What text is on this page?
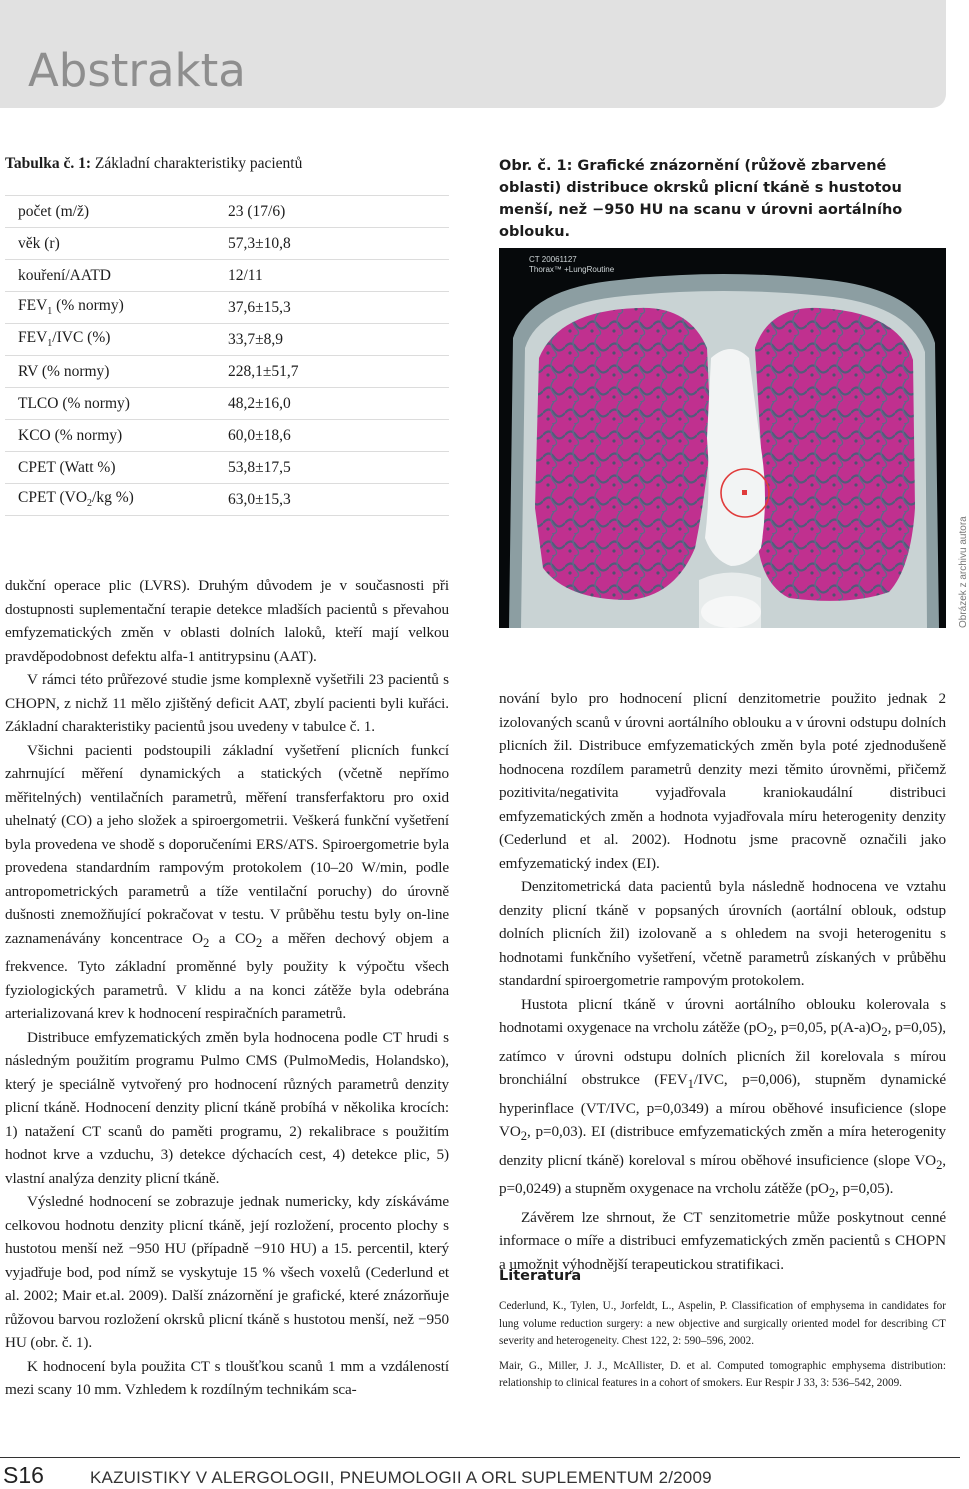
Abstrakta
Tabulka č. 1: Základní charakteristiky pacientů
počet (m/ž)	23 (17/6)
věk (r)	57,3±10,8
kouření/AATD	12/11
$FEV_1$ (% normy)	37,6±15,3
$FEV_1$/IVC (%)	33,7±8,9
RV (% normy)	228,1±51,7
TLCO (% normy)	48,2±16,0
KCO (% normy)	60,0±18,6
CPET (Watt %)	53,8±17,5
CPET ($VO_2/kg$ %)	63,0±15,3
Obr. č. 1: Grafické znázornění (růžově zbarvené oblasti) distribuce okrsků plicní tkáně s hustotou menší, než −950 HU na scanu v úrovni aortálního oblouku.
CT 20061127
Thorax™ +LungRoutine
Obrázek z archivu autora

dukční operace plic (LVRS). Druhým důvodem je v současnosti při dostupnosti suplementační terapie detekce mladších pacientů s převahou emfyzematických změn v oblasti dolních laloků, kteří mají velkou pravděpodobnost defektu alfa-1 antitrypsinu (AAT).

V rámci této průřezové studie jsme komplexně vyšetřili 23 pacientů s CHOPN, z nichž 11 mělo zjištěný deficit AAT, zbylí pacienti byli kuřáci. Základní charakteristiky pacientů jsou uvedeny v tabulce č. 1.

Všichni pacienti podstoupili základní vyšetření plicních funkcí zahrnující měření dynamických a statických (včetně nepřímo měřitelných) ventilačních parametrů, měření transferfaktoru pro oxid uhelnatý (CO) a jeho složek a spiroergometrii. Veškerá funkční vyšetření byla provedena ve shodě s doporučeními ERS/ATS. Spiroergometrie byla provedena standardním rampovým protokolem (10–20 W/min, podle antropometrických parametrů a tíže ventilační poruchy) do úrovně dušnosti znemožňující pokračovat v testu. V průběhu testu byly on-line zaznamenávány koncentrace $O_2$ a $CO_2$ a měřen dechový objem a frekvence. Tyto základní proměnné byly použity k výpočtu všech fyziologických parametrů. V klidu a na konci zátěže byla odebrána arterializovaná krev k hodnocení respiračních parametrů.

Distribuce emfyzematických změn byla hodnocena podle CT hrudi s následným použitím programu Pulmo CMS (PulmoMedis, Holandsko), který je speciálně vytvořený pro hodnocení různých parametrů denzity plicní tkáně. Hodnocení denzity plicní tkáně probíhá v několika krocích: 1) natažení CT scanů do paměti programu, 2) rekalibrace s použitím hodnot krve a vzduchu, 3) detekce dýchacích cest, 4) detekce plic, 5) vlastní analýza denzity plicní tkáně.

Výsledné hodnocení se zobrazuje jednak numericky, kdy získáváme celkovou hodnotu denzity plicní tkáně, její rozložení, procento plochy s hustotou menší než −950 HU (případně −910 HU) a 15. percentil, který vyjadřuje bod, pod nímž se vyskytuje 15 % všech voxelů (Cederlund et al. 2002; Mair et.al. 2009). Další znázornění je grafické, které znázorňuje růžovou barvou rozložení okrsků plicní tkáně s hustotou menší, než −950 HU (obr. č. 1).

K hodnocení byla použita CT s tloušťkou scanů 1 mm a vzdáleností mezi scany 10 mm. Vzhledem k rozdílným technikám sca-

nování bylo pro hodnocení plicní denzitometrie použito jednak 2 izolovaných scanů v úrovni aortálního oblouku a v úrovni odstupu dolních plicních žil. Distribuce emfyzematických změn byla poté zjednodušeně hodnocena rozdílem parametrů denzity mezi těmito úrovněmi, přičemž pozitivita/negativita vyjadřovala kraniokaudální distribuci emfyzematických změn a hodnota vyjadřovala míru heterogenity denzity (Cederlund et al. 2002). Hodnotu jsme pracovně označili jako emfyzematický index (EI).

Denzitometrická data pacientů byla následně hodnocena ve vztahu denzity plicní tkáně v popsaných úrovních (aortální oblouk, odstup dolních plicních žil) izolovaně a s ohledem na svoji heterogenitu s hodnotami funkčního vyšetření, včetně parametrů získaných v průběhu standardní spiroergometrie rampovým protokolem.

Hustota plicní tkáně v úrovni aortálního oblouku kolerovala s hodnotami oxygenace na vrcholu zátěže ($pO_2$, p=0,05, $p(A-a)O_2$, p=0,05), zatímco v úrovni odstupu dolních plicních žil korelovala s mírou bronchiální obstrukce ($FEV_1$/IVC, p=0,006), stupněm dynamické hyperinflace (VT/IVC, p=0,0349) a mírou oběhové insuficience (slope $VO_2$, p=0,03). EI (distribuce emfyzematických změn a míra heterogenity denzity plicní tkáně) koreloval s mírou oběhové insuficience (slope $VO_2$, p=0,0249) a stupněm oxygenace na vrcholu zátěže ($pO_2$, p=0,05).

Závěrem lze shrnout, že CT senzitometrie může poskytnout cenné informace o míře a distribuci emfyzematických změn pacientů s CHOPN a umožnit výhodnější terapeutickou stratifikaci.

Literatura
Cederlund, K., Tylen, U., Jorfeldt, L., Aspelin, P. Classification of emphysema in candidates for lung volume reduction surgery: a new objective and surgically oriented model for describing CT severity and heterogeneity. Chest 122, 2: 590–596, 2002.
Mair, G., Miller, J. J., McAllister, D. et al. Computed tomographic emphysema distribution: relationship to clinical features in a cohort of smokers. Eur Respir J 33, 3: 536–542, 2009.
S16	KAZUISTIKY V ALERGOLOGII, PNEUMOLOGII A ORL SUPLEMENTUM 2/2009
